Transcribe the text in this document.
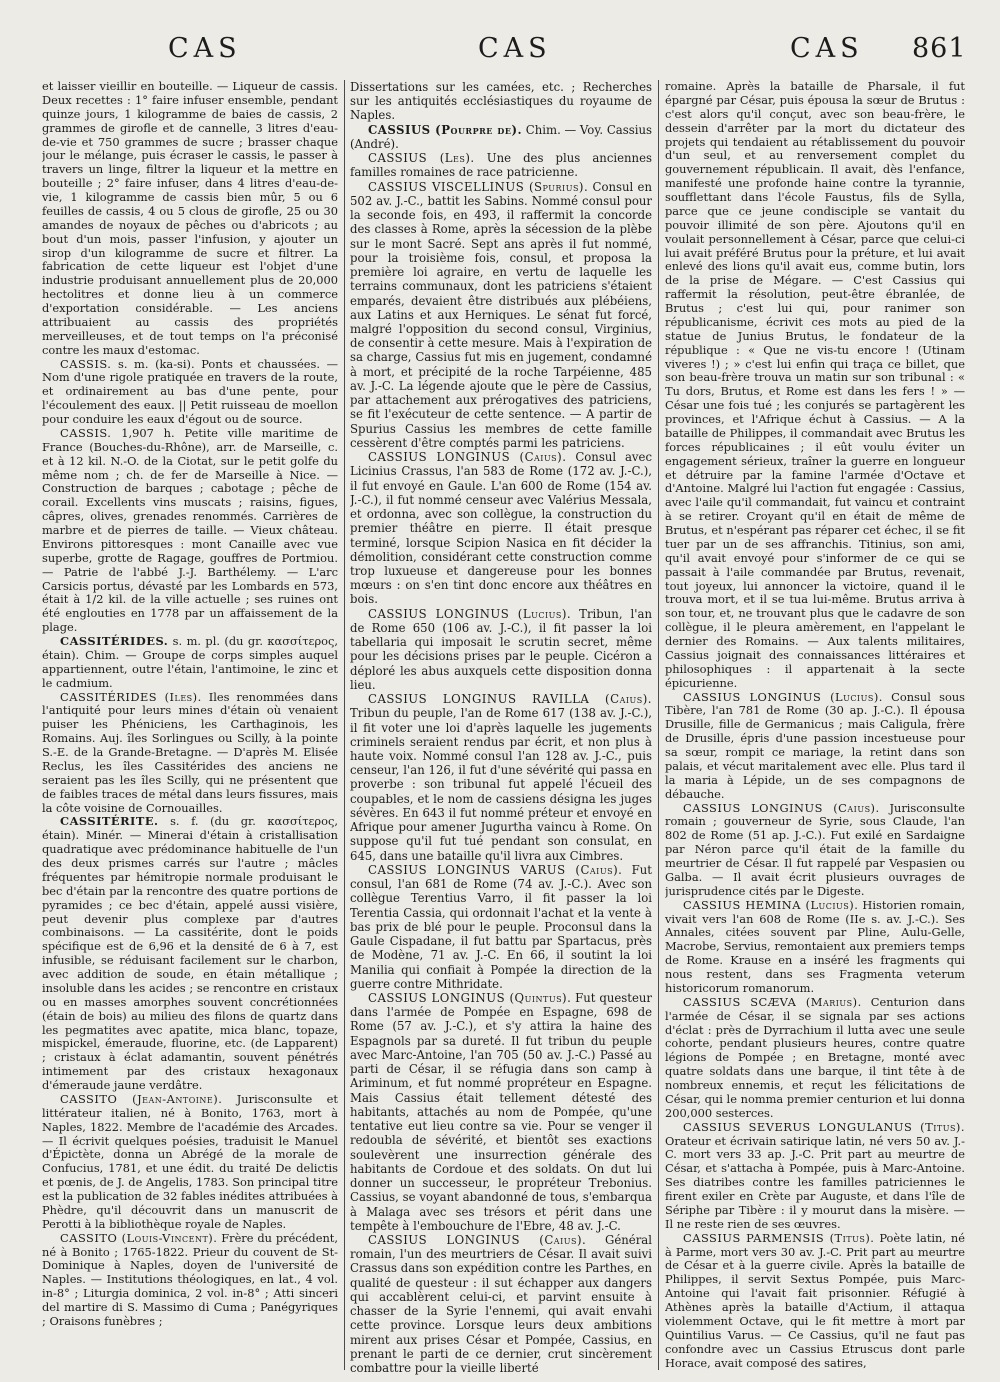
CAS	CAS	CAS 861

et laisser vieillir en bouteille. — Liqueur de cassis. Deux recettes : 1° faire infuser ensemble, pendant quinze jours, 1 kilogramme de baies de cassis, 2 grammes de girofle et de cannelle, 3 litres d'eau-de-vie et 750 grammes de sucre ; brasser chaque jour le mélange, puis écraser le cassis, le passer à travers un linge, filtrer la liqueur et la mettre en bouteille ; 2° faire infuser, dans 4 litres d'eau-de-vie, 1 kilogramme de cassis bien mûr, 5 ou 6 feuilles de cassis, 4 ou 5 clous de girofle, 25 ou 30 amandes de noyaux de pêches ou d'abricots ; au bout d'un mois, passer l'infusion, y ajouter un sirop d'un kilogramme de sucre et filtrer. La fabrication de cette liqueur est l'objet d'une industrie produisant annuellement plus de 20,000 hectolitres et donne lieu à un commerce d'exportation considérable. — Les anciens attribuaient au cassis des propriétés merveilleuses, et de tout temps on l'a préconisé contre les maux d'estomac.

CASSIS. s. m. (ka-si). Ponts et chaussées. — Nom d'une rigole pratiquée en travers de la route, et ordinairement au bas d'une pente, pour l'écoulement des eaux. || Petit ruisseau de moellon pour conduire les eaux d'égout ou de source.

CASSIS. 1,907 h. Petite ville maritime de France (Bouches-du-Rhône), arr. de Marseille, c. et à 12 kil. N.-O. de la Ciotat, sur le petit golfe du même nom ; ch. de fer de Marseille à Nice. — Construction de barques ; cabotage ; pêche de corail. Excellents vins muscats ; raisins, figues, câpres, olives, grenades renommés. Carrières de marbre et de pierres de taille. — Vieux château. Environs pittoresques : mont Canaille avec vue superbe, grotte de Ragage, gouffres de Portmiou. — Patrie de l'abbé J.-J. Barthélemy. — L'arc Carsicis portus, dévasté par les Lombards en 573, était à 1/2 kil. de la ville actuelle ; ses ruines ont été englouties en 1778 par un affaissement de la plage.

CASSITÉRIDES. s. m. pl. (du gr. κασσίτερος, étain). Chim. — Groupe de corps simples auquel appartiennent, outre l'étain, l'antimoine, le zinc et le cadmium.

CASSITÉRIDES (Iles). Iles renommées dans l'antiquité pour leurs mines d'étain où venaient puiser les Phéniciens, les Carthaginois, les Romains. Auj. îles Sorlingues ou Scilly, à la pointe S.-E. de la Grande-Bretagne. — D'après M. Elisée Reclus, les îles Cassitérides des anciens ne seraient pas les îles Scilly, qui ne présentent que de faibles traces de métal dans leurs fissures, mais la côte voisine de Cornouailles.

CASSITÉRITE. s. f. (du gr. κασσίτερος, étain). Minér. — Minerai d'étain à cristallisation quadratique avec prédominance habituelle de l'un des deux prismes carrés sur l'autre ; mâcles fréquentes par hémitropie normale produisant le bec d'étain par la rencontre des quatre portions de pyramides ; ce bec d'étain, appelé aussi visière, peut devenir plus complexe par d'autres combinaisons. — La cassitérite, dont le poids spécifique est de 6,96 et la densité de 6 à 7, est infusible, se réduisant facilement sur le charbon, avec addition de soude, en étain métallique ; insoluble dans les acides ; se rencontre en cristaux ou en masses amorphes souvent concrétionnées (étain de bois) au milieu des filons de quartz dans les pegmatites avec apatite, mica blanc, topaze, mispickel, émeraude, fluorine, etc. (de Lapparent) ; cristaux à éclat adamantin, souvent pénétrés intimement par des cristaux hexagonaux d'émeraude jaune verdâtre.

CASSITO (Jean-Antoine). Jurisconsulte et littérateur italien, né à Bonito, 1763, mort à Naples, 1822. Membre de l'académie des Arcades. — Il écrivit quelques poésies, traduisit le Manuel d'Épictète, donna un Abrégé de la morale de Confucius, 1781, et une édit. du traité De delictis et pœnis, de J. de Angelis, 1783. Son principal titre est la publication de 32 fables inédites attribuées à Phèdre, qu'il découvrit dans un manuscrit de Perotti à la bibliothèque royale de Naples.

CASSITO (Louis-Vincent). Frère du précédent, né à Bonito ; 1765-1822. Prieur du couvent de St-Dominique à Naples, doyen de l'université de Naples. — Institutions théologiques, en lat., 4 vol. in-8° ; Liturgia dominica, 2 vol. in-8° ; Atti sinceri del martire di S. Massimo di Cuma ; Panégyriques ; Oraisons funèbres ;

Dissertations sur les camées, etc. ; Recherches sur les antiquités ecclésiastiques du royaume de Naples.

CASSIUS (Pourpre de). Chim. — Voy. Cassius (André).

CASSIUS (Les). Une des plus anciennes familles romaines de race patricienne.

CASSIUS VISCELLINUS (Spurius). Consul en 502 av. J.-C., battit les Sabins. Nommé consul pour la seconde fois, en 493, il raffermit la concorde des classes à Rome, après la sécession de la plèbe sur le mont Sacré. Sept ans après il fut nommé, pour la troisième fois, consul, et proposa la première loi agraire, en vertu de laquelle les terrains communaux, dont les patriciens s'étaient emparés, devaient être distribués aux plébéiens, aux Latins et aux Herniques. Le sénat fut forcé, malgré l'opposition du second consul, Virginius, de consentir à cette mesure. Mais à l'expiration de sa charge, Cassius fut mis en jugement, condamné à mort, et précipité de la roche Tarpéienne, 485 av. J.-C. La légende ajoute que le père de Cassius, par attachement aux prérogatives des patriciens, se fit l'exécuteur de cette sentence. — A partir de Spurius Cassius les membres de cette famille cessèrent d'être comptés parmi les patriciens.

CASSIUS LONGINUS (Caius). Consul avec Licinius Crassus, l'an 583 de Rome (172 av. J.-C.), il fut envoyé en Gaule. L'an 600 de Rome (154 av. J.-C.), il fut nommé censeur avec Valérius Messala, et ordonna, avec son collègue, la construction du premier théâtre en pierre. Il était presque terminé, lorsque Scipion Nasica en fit décider la démolition, considérant cette construction comme trop luxueuse et dangereuse pour les bonnes mœurs : on s'en tint donc encore aux théâtres en bois.

CASSIUS LONGINUS (Lucius). Tribun, l'an de Rome 650 (106 av. J.-C.), il fit passer la loi tabellaria qui imposait le scrutin secret, même pour les décisions prises par le peuple. Cicéron a déploré les abus auxquels cette disposition donna lieu.

CASSIUS LONGINUS RAVILLA (Caius). Tribun du peuple, l'an de Rome 617 (138 av. J.-C.), il fit voter une loi d'après laquelle les jugements criminels seraient rendus par écrit, et non plus à haute voix. Nommé consul l'an 128 av. J.-C., puis censeur, l'an 126, il fut d'une sévérité qui passa en proverbe : son tribunal fut appelé l'écueil des coupables, et le nom de cassiens désigna les juges sévères. En 643 il fut nommé préteur et envoyé en Afrique pour amener Jugurtha vaincu à Rome. On suppose qu'il fut tué pendant son consulat, en 645, dans une bataille qu'il livra aux Cimbres.

CASSIUS LONGINUS VARUS (Caius). Fut consul, l'an 681 de Rome (74 av. J.-C.). Avec son collègue Terentius Varro, il fit passer la loi Terentia Cassia, qui ordonnait l'achat et la vente à bas prix de blé pour le peuple. Proconsul dans la Gaule Cispadane, il fut battu par Spartacus, près de Modène, 71 av. J.-C. En 66, il soutint la loi Manilia qui confiait à Pompée la direction de la guerre contre Mithridate.

CASSIUS LONGINUS (Quintus). Fut questeur dans l'armée de Pompée en Espagne, 698 de Rome (57 av. J.-C.), et s'y attira la haine des Espagnols par sa dureté. Il fut tribun du peuple avec Marc-Antoine, l'an 705 (50 av. J.-C.) Passé au parti de César, il se réfugia dans son camp à Ariminum, et fut nommé propréteur en Espagne. Mais Cassius était tellement détesté des habitants, attachés au nom de Pompée, qu'une tentative eut lieu contre sa vie. Pour se venger il redoubla de sévérité, et bientôt ses exactions soulevèrent une insurrection générale des habitants de Cordoue et des soldats. On dut lui donner un successeur, le propréteur Trebonius. Cassius, se voyant abandonné de tous, s'embarqua à Malaga avec ses trésors et périt dans une tempête à l'embouchure de l'Ebre, 48 av. J.-C.

CASSIUS LONGINUS (Caius). Général romain, l'un des meurtriers de César. Il avait suivi Crassus dans son expédition contre les Parthes, en qualité de questeur : il sut échapper aux dangers qui accablèrent celui-ci, et parvint ensuite à chasser de la Syrie l'ennemi, qui avait envahi cette province. Lorsque leurs deux ambitions mirent aux prises César et Pompée, Cassius, en prenant le parti de ce dernier, crut sincèrement combattre pour la vieille liberté

romaine. Après la bataille de Pharsale, il fut épargné par César, puis épousa la sœur de Brutus : c'est alors qu'il conçut, avec son beau-frère, le dessein d'arrêter par la mort du dictateur des projets qui tendaient au rétablissement du pouvoir d'un seul, et au renversement complet du gouvernement républicain. Il avait, dès l'enfance, manifesté une profonde haine contre la tyrannie, soufflettant dans l'école Faustus, fils de Sylla, parce que ce jeune condisciple se vantait du pouvoir illimité de son père. Ajoutons qu'il en voulait personnellement à César, parce que celui-ci lui avait préféré Brutus pour la préture, et lui avait enlevé des lions qu'il avait eus, comme butin, lors de la prise de Mégare. — C'est Cassius qui raffermit la résolution, peut-être ébranlée, de Brutus ; c'est lui qui, pour ranimer son républicanisme, écrivit ces mots au pied de la statue de Junius Brutus, le fondateur de la république : « Que ne vis-tu encore ! (Utinam viveres !) ; » c'est lui enfin qui traça ce billet, que son beau-frère trouva un matin sur son tribunal : « Tu dors, Brutus, et Rome est dans les fers ! » — César une fois tué ; les conjurés se partagèrent les provinces, et l'Afrique échut à Cassius. — A la bataille de Philippes, il commandait avec Brutus les forces républicaines ; il eût voulu éviter un engagement sérieux, traîner la guerre en longueur et détruire par la famine l'armée d'Octave et d'Antoine. Malgré lui l'action fut engagée : Cassius, avec l'aile qu'il commandait, fut vaincu et contraint à se retirer. Croyant qu'il en était de même de Brutus, et n'espérant pas réparer cet échec, il se fit tuer par un de ses affranchis. Titinius, son ami, qu'il avait envoyé pour s'informer de ce qui se passait à l'aile commandée par Brutus, revenait, tout joyeux, lui annoncer la victoire, quand il le trouva mort, et il se tua lui-même. Brutus arriva à son tour, et, ne trouvant plus que le cadavre de son collègue, il le pleura amèrement, en l'appelant le dernier des Romains. — Aux talents militaires, Cassius joignait des connaissances littéraires et philosophiques : il appartenait à la secte épicurienne.

CASSIUS LONGINUS (Lucius). Consul sous Tibère, l'an 781 de Rome (30 ap. J.-C.). Il épousa Drusille, fille de Germanicus ; mais Caligula, frère de Drusille, épris d'une passion incestueuse pour sa sœur, rompit ce mariage, la retint dans son palais, et vécut maritalement avec elle. Plus tard il la maria à Lépide, un de ses compagnons de débauche.

CASSIUS LONGINUS (Caius). Jurisconsulte romain ; gouverneur de Syrie, sous Claude, l'an 802 de Rome (51 ap. J.-C.). Fut exilé en Sardaigne par Néron parce qu'il était de la famille du meurtrier de César. Il fut rappelé par Vespasien ou Galba. — Il avait écrit plusieurs ouvrages de jurisprudence cités par le Digeste.

CASSIUS HEMINA (Lucius). Historien romain, vivait vers l'an 608 de Rome (IIe s. av. J.-C.). Ses Annales, citées souvent par Pline, Aulu-Gelle, Macrobe, Servius, remontaient aux premiers temps de Rome. Krause en a inséré les fragments qui nous restent, dans ses Fragmenta veterum historicorum romanorum.

CASSIUS SCÆVA (Marius). Centurion dans l'armée de César, il se signala par ses actions d'éclat : près de Dyrrachium il lutta avec une seule cohorte, pendant plusieurs heures, contre quatre légions de Pompée ; en Bretagne, monté avec quatre soldats dans une barque, il tint tête à de nombreux ennemis, et reçut les félicitations de César, qui le nomma premier centurion et lui donna 200,000 sesterces.

CASSIUS SEVERUS LONGULANUS (Titus). Orateur et écrivain satirique latin, né vers 50 av. J.-C. mort vers 33 ap. J.-C. Prit part au meurtre de César, et s'attacha à Pompée, puis à Marc-Antoine. Ses diatribes contre les familles patriciennes le firent exiler en Crète par Auguste, et dans l'île de Sériphe par Tibère : il y mourut dans la misère. — Il ne reste rien de ses œuvres.

CASSIUS PARMENSIS (Titus). Poète latin, né à Parme, mort vers 30 av. J.-C. Prit part au meurtre de César et à la guerre civile. Après la bataille de Philippes, il servit Sextus Pompée, puis Marc-Antoine qui l'avait fait prisonnier. Réfugié à Athènes après la bataille d'Actium, il attaqua violemment Octave, qui le fit mettre à mort par Quintilius Varus. — Ce Cassius, qu'il ne faut pas confondre avec un Cassius Etruscus dont parle Horace, avait composé des satires,
